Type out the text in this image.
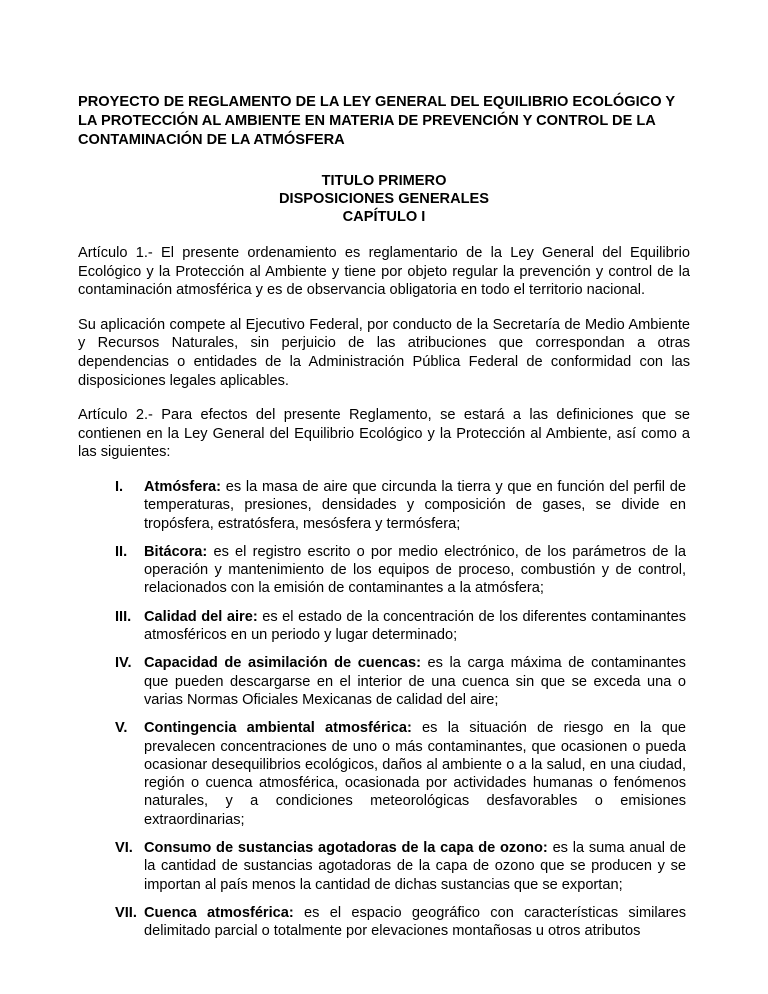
PROYECTO DE REGLAMENTO DE LA LEY GENERAL DEL EQUILIBRIO ECOLÓGICO Y LA PROTECCIÓN AL AMBIENTE EN MATERIA DE PREVENCIÓN Y CONTROL DE LA CONTAMINACIÓN DE LA ATMÓSFERA
TITULO PRIMERO
DISPOSICIONES GENERALES
CAPÍTULO I

Artículo 1.- El presente ordenamiento es reglamentario de la Ley General del Equilibrio Ecológico y la Protección al Ambiente y tiene por objeto regular la prevención y control de la contaminación atmosférica y es de observancia obligatoria en todo el territorio nacional.

Su aplicación compete al Ejecutivo Federal, por conducto de la Secretaría de Medio Ambiente y Recursos Naturales, sin perjuicio de las atribuciones que correspondan a otras dependencias o entidades de la Administración Pública Federal de conformidad con las disposiciones legales aplicables.

Artículo 2.- Para efectos del presente Reglamento, se estará a las definiciones que se contienen en la Ley General del Equilibrio Ecológico y la Protección al Ambiente, así como a las siguientes:

I. Atmósfera: es la masa de aire que circunda la tierra y que en función del perfil de temperaturas, presiones, densidades y composición de gases, se divide en tropósfera, estratósfera, mesósfera y termósfera;
II. Bitácora: es el registro escrito o por medio electrónico, de los parámetros de la operación y mantenimiento de los equipos de proceso, combustión y de control, relacionados con la emisión de contaminantes a la atmósfera;
III. Calidad del aire: es el estado de la concentración de los diferentes contaminantes atmosféricos en un periodo y lugar determinado;
IV. Capacidad de asimilación de cuencas: es la carga máxima de contaminantes que pueden descargarse en el interior de una cuenca sin que se exceda una o varias Normas Oficiales Mexicanas de calidad del aire;
V. Contingencia ambiental atmosférica: es la situación de riesgo en la que prevalecen concentraciones de uno o más contaminantes, que ocasionen o pueda ocasionar desequilibrios ecológicos, daños al ambiente o a la salud, en una ciudad, región o cuenca atmosférica, ocasionada por actividades humanas o fenómenos naturales, y a condiciones meteorológicas desfavorables o emisiones extraordinarias;
VI. Consumo de sustancias agotadoras de la capa de ozono: es la suma anual de la cantidad de sustancias agotadoras de la capa de ozono que se producen y se importan al país menos la cantidad de dichas sustancias que se exportan;
VII. Cuenca atmosférica: es el espacio geográfico con características similares delimitado parcial o totalmente por elevaciones montañosas u otros atributos
